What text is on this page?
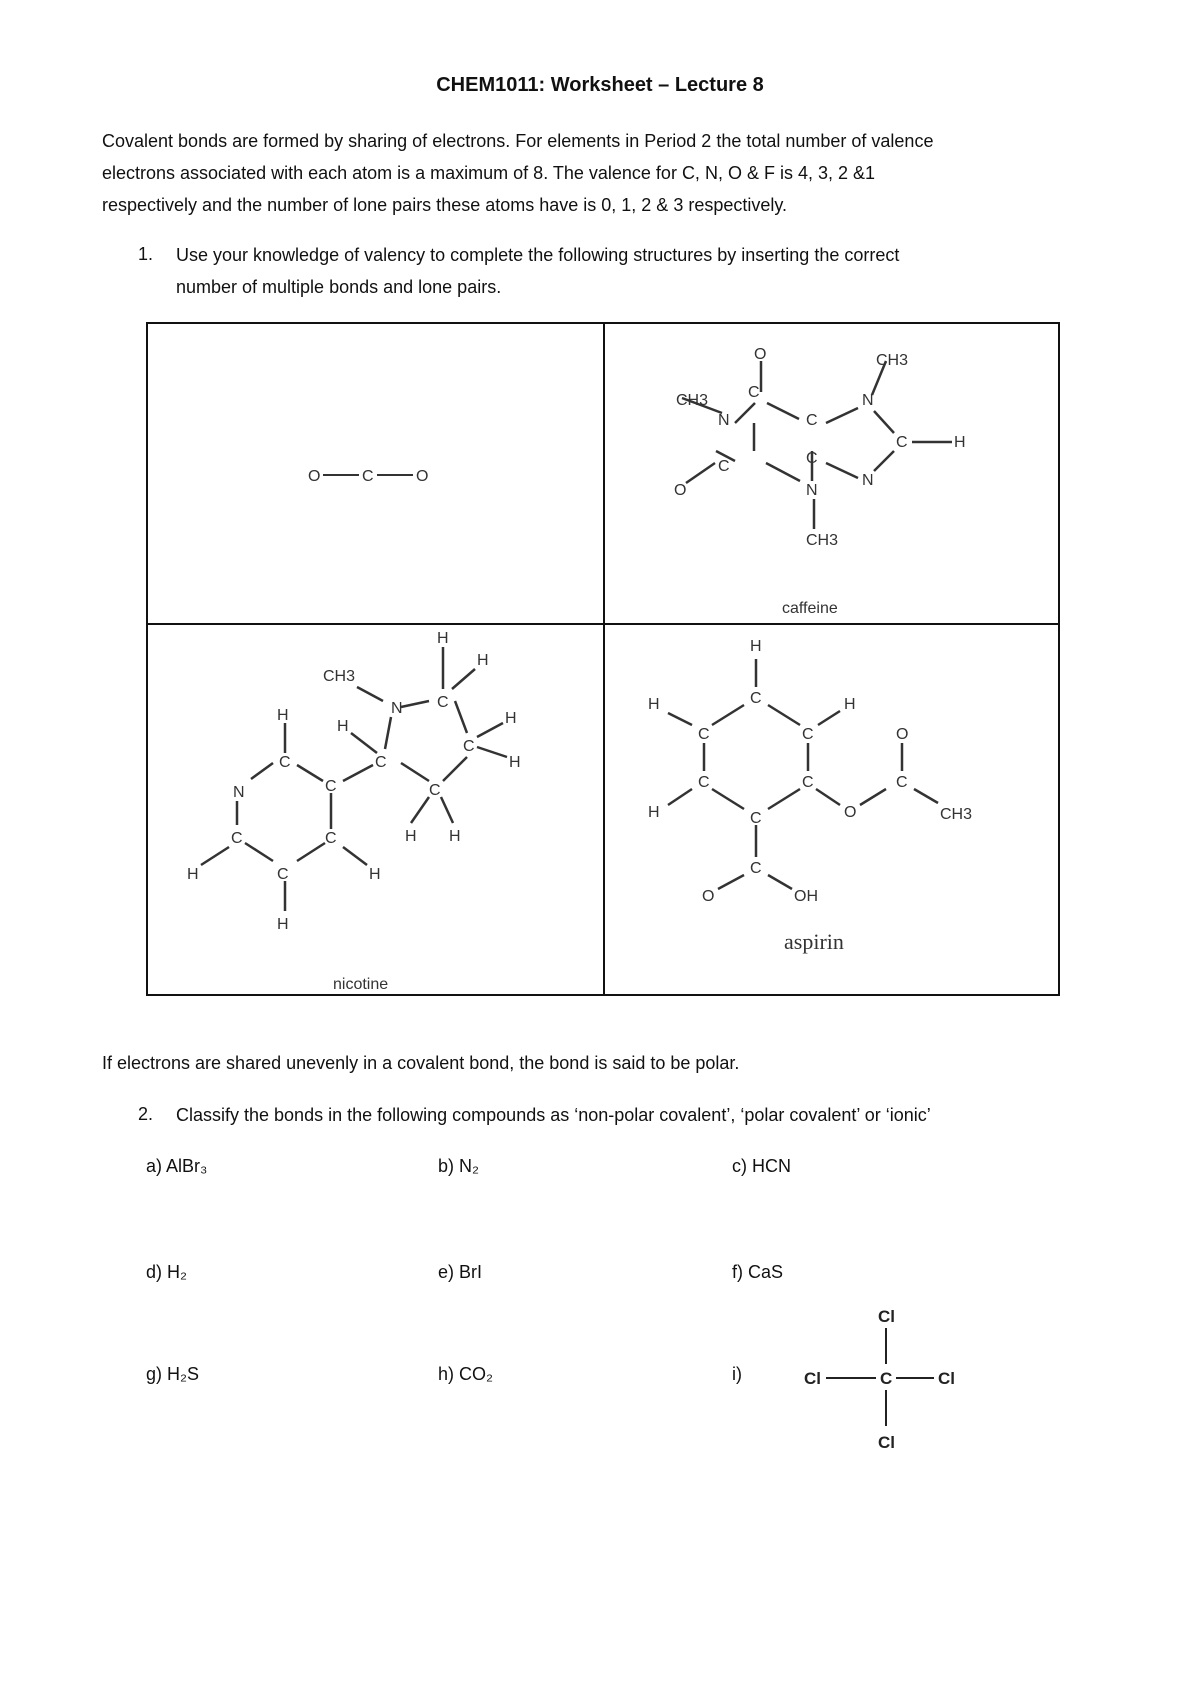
CHEM1011: Worksheet – Lecture 8
Covalent bonds are formed by sharing of electrons. For elements in Period 2 the total number of valence
electrons associated with each atom is a maximum of 8. The valence for C, N, O & F is 4, 3, 2 &1
respectively and the number of lone pairs these atoms have is 0, 1, 2 & 3 respectively.
1. Use your knowledge of valency to complete the following structures by inserting the correct
number of multiple bonds and lone pairs.
O	C	O
C
O
CH3
N
C
O	N
CH3
C
C
N
CH3
C	H
N
caffeine
H
C
N
C
C
H
H
C
H
C
C
H
N
CH3
C
H
H
C
H
H
C
H H
nicotine
H
C
H
C
C
H	C
C
H
C
O
C
O
CH3
C
O	OH
aspirin
If electrons are shared unevenly in a covalent bond, the bond is said to be polar.
2. Classify the bonds in the following compounds as ‘non-polar covalent’, ‘polar covalent’ or ‘ionic’
a) AlBr₃	b) N₂	c) HCN
d) H₂	e) BrI	f) CaS
g) H₂S	h) CO₂	i)
Cl
Cl	C	Cl
Cl
